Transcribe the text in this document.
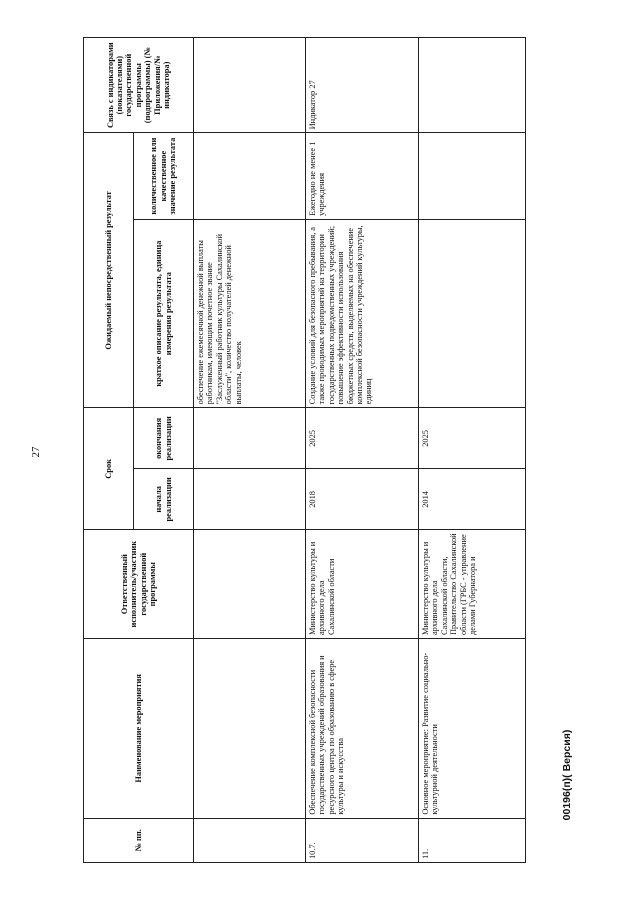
27
№ пп.	Наименование мероприятия	Ответственный исполнитель/участник государственной программы	Срок		Ожидаемый непосредственный результат		Связь с индикаторами (показателями) государственной программы (подпрограммы) (№ Приложения/№ индикатора)
			начала реализации	окончания реализации	краткое описание результата, единица измерения результата	количественное или качественное значение результата	
					обеспечение ежемесячной денежной выплаты работникам, имеющим почетное звание "Заслуженный работник культуры Сахалинской области", количество получателей денежной выплаты, человек		
10.7.	Обеспечение комплексной безопасности государственных учреждений образования и ресурсного центра по образованию в сфере культуры и искусства	Министерство культуры и архивного дела Сахалинской области	2018	2025	Создание условий для безопасного пребывания, а также проводимых мероприятий на территории государственных подведомственных учреждений; повышение эффективности использования бюджетных средств, выделяемых на обеспечение комплексной безопасности учреждений культуры, единиц	Ежегодно не менее 1 учреждения	Индикатор 27
11.	Основное мероприятие: Развитие социально-культурной деятельности	Министерство культуры и архивного дела Сахалинской области, Правительство Сахалинской области (ГРБС - управление делами Губернатора и	2014	2025			
00196(п)( Версия)
